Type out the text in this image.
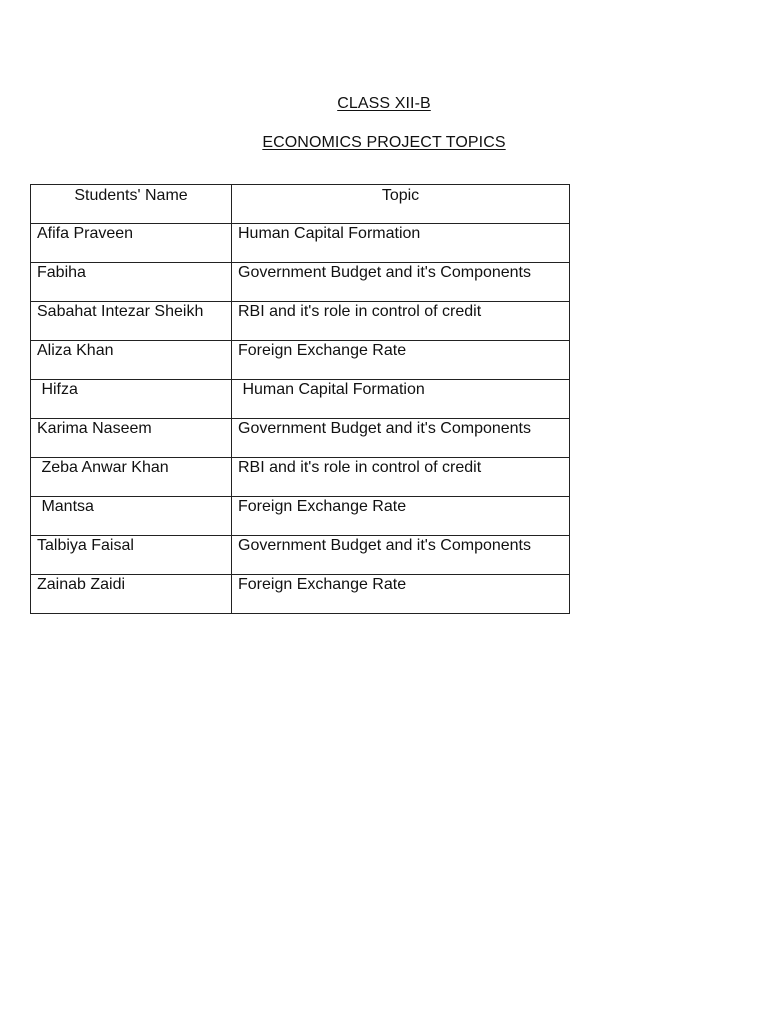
CLASS XII-B
ECONOMICS PROJECT TOPICS
Students' Name	Topic
Afifa Praveen	Human Capital Formation
Fabiha	Government Budget and it's Components
Sabahat Intezar Sheikh	RBI and it's role in control of credit
Aliza Khan	Foreign Exchange Rate
Hifza	Human Capital Formation
Karima Naseem	Government Budget and it's Components
Zeba Anwar Khan	RBI and it's role in control of credit
Mantsa	Foreign Exchange Rate
Talbiya Faisal	Government Budget and it's Components
Zainab Zaidi	Foreign Exchange Rate
